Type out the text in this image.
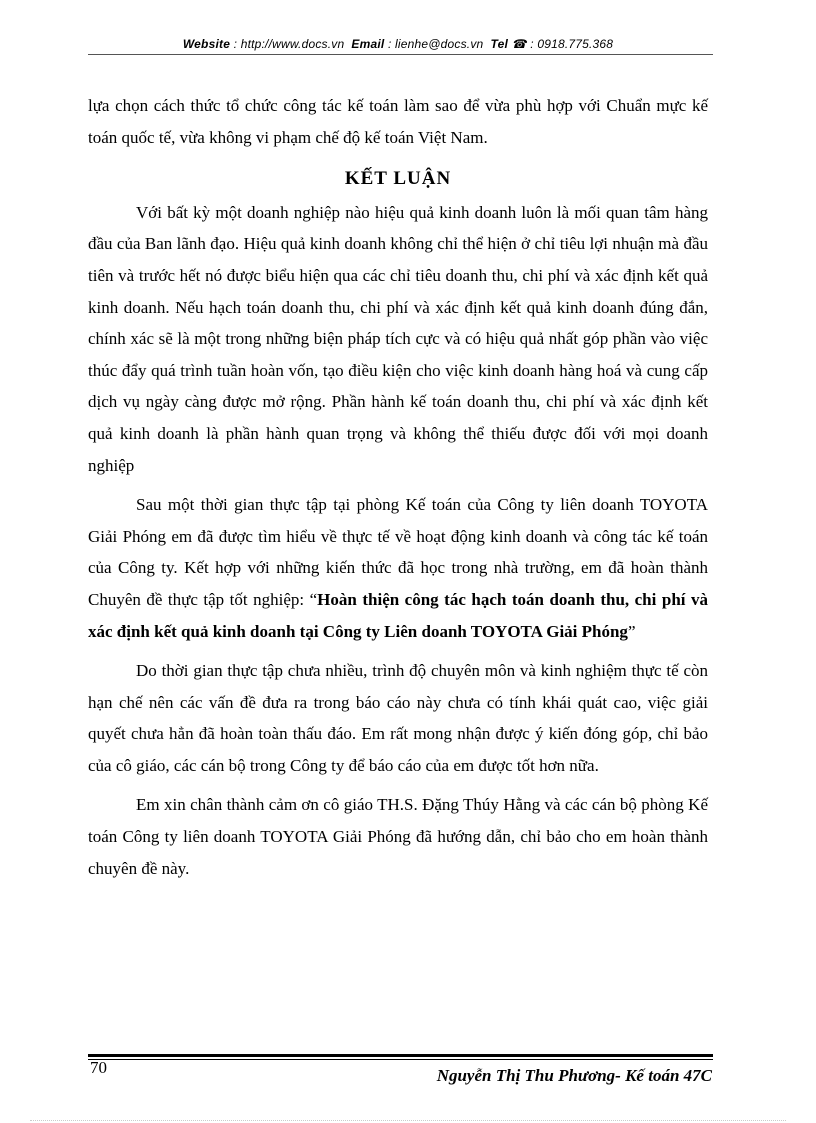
Website : http://www.docs.vn Email : lienhe@docs.vn Tel ☎ : 0918.775.368

lựa chọn cách thức tổ chức công tác kế toán làm sao để vừa phù hợp với Chuẩn mực kế toán quốc tế, vừa không vi phạm chế độ kế toán Việt Nam.

KẾT LUẬN

Với bất kỳ một doanh nghiệp nào hiệu quả kinh doanh luôn là mối quan tâm hàng đầu của Ban lãnh đạo. Hiệu quả kinh doanh không chỉ thể hiện ở chỉ tiêu lợi nhuận mà đầu tiên và trước hết nó được biểu hiện qua các chỉ tiêu doanh thu, chi phí và xác định kết quả kinh doanh. Nếu hạch toán doanh thu, chi phí và xác định kết quả kinh doanh đúng đắn, chính xác sẽ là một trong những biện pháp tích cực và có hiệu quả nhất góp phần vào việc thúc đẩy quá trình tuần hoàn vốn, tạo điều kiện cho việc kinh doanh hàng hoá và cung cấp dịch vụ ngày càng được mở rộng. Phần hành kế toán doanh thu, chi phí và xác định kết quả kinh doanh là phần hành quan trọng và không thể thiếu được đối với mọi doanh nghiệp

Sau một thời gian thực tập tại phòng Kế toán của Công ty liên doanh TOYOTA Giải Phóng em đã được tìm hiểu về thực tế về hoạt động kinh doanh và công tác kế toán của Công ty. Kết hợp với những kiến thức đã học trong nhà trường, em đã hoàn thành Chuyên đề thực tập tốt nghiệp: “Hoàn thiện công tác hạch toán doanh thu, chi phí và xác định kết quả kinh doanh tại Công ty Liên doanh TOYOTA Giải Phóng”

Do thời gian thực tập chưa nhiều, trình độ chuyên môn và kinh nghiệm thực tế còn hạn chế nên các vấn đề đưa ra trong báo cáo này chưa có tính khái quát cao, việc giải quyết chưa hẳn đã hoàn toàn thấu đáo. Em rất mong nhận được ý kiến đóng góp, chỉ bảo của cô giáo, các cán bộ trong Công ty để báo cáo của em được tốt hơn nữa.

Em xin chân thành cảm ơn cô giáo TH.S. Đặng Thúy Hằng và các cán bộ phòng Kế toán Công ty liên doanh TOYOTA Giải Phóng đã hướng dẫn, chỉ bảo cho em hoàn thành chuyên đề này.

70	Nguyễn Thị Thu Phương- Kế toán 47C
